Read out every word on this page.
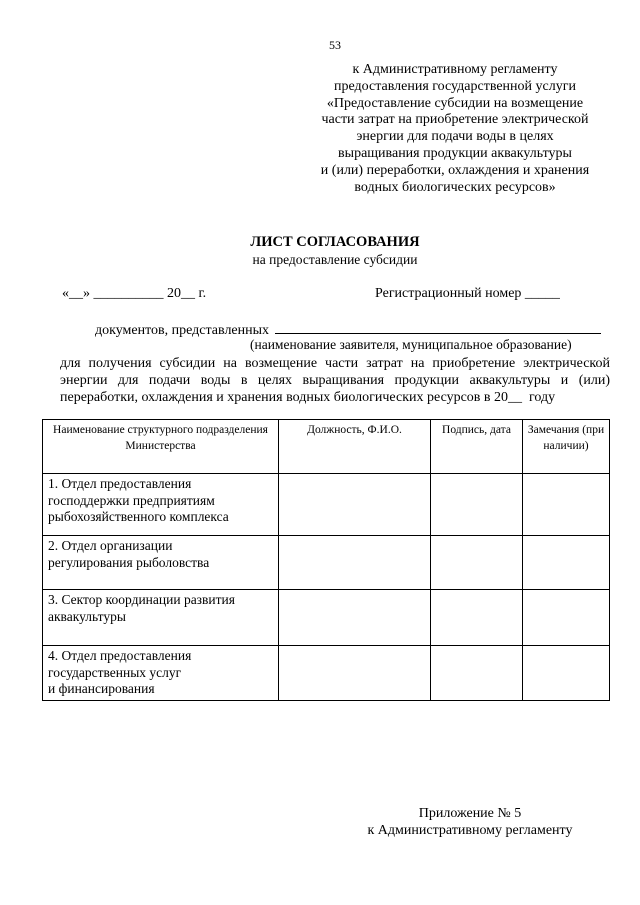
53
к Административному регламенту
предоставления государственной услуги
«Предоставление субсидии на возмещение
части затрат на приобретение электрической
энергии для подачи воды в целях
выращивания продукции аквакультуры
и (или) переработки, охлаждения и хранения
водных биологических ресурсов»
ЛИСТ СОГЛАСОВАНИЯ
на предоставление субсидии
«__» __________ 20__ г.	Регистрационный номер _____
документов, представленных
(наименование заявителя, муниципальное образование)
для получения субсидии на возмещение части затрат на приобретение электрической
энергии для подачи воды в целях выращивания продукции аквакультуры и (или)
переработки, охлаждения и хранения водных биологических ресурсов в 20__  году
Наименование структурного подразделения Министерства	Должность, Ф.И.О.	Подпись, дата	Замечания (при наличии)

1. Отдел предоставления
господдержки предприятиям
рыбохозяйственного комплекса			

2. Отдел организации
регулирования рыболовства			

3. Сектор координации развития
аквакультуры			

4. Отдел предоставления
государственных услуг
и финансирования			

Приложение № 5
к Административному регламенту
